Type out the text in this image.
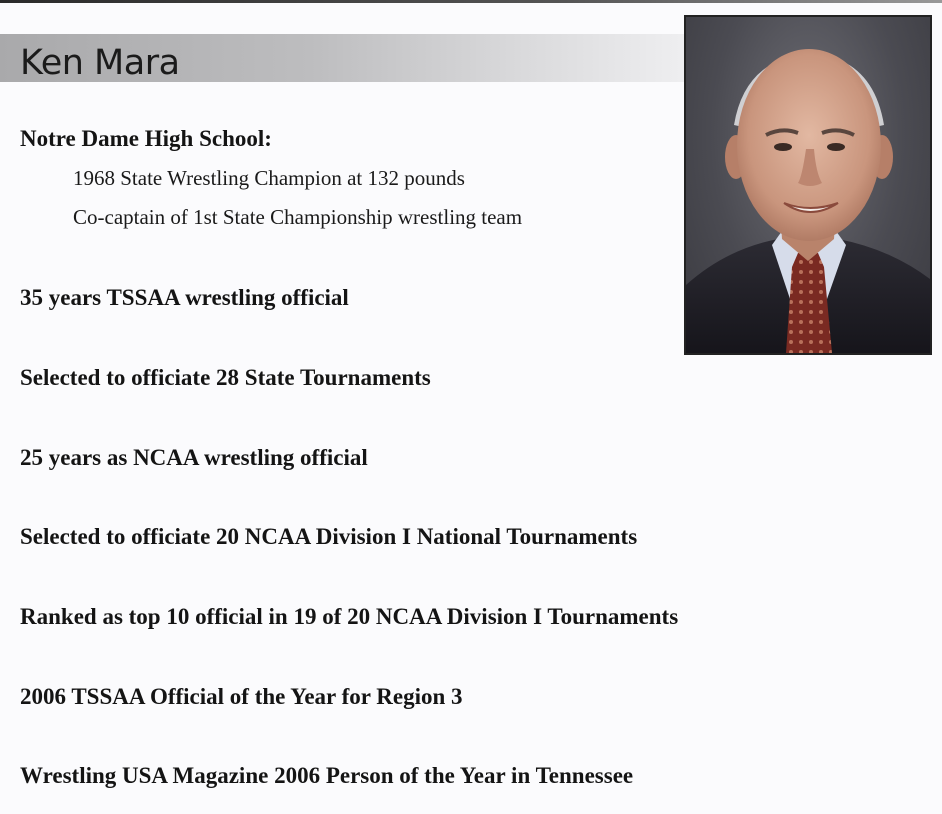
Ken Mara

Notre Dame High School:

1968 State Wrestling Champion at 132 pounds

Co-captain of 1st State Championship wrestling team

35 years TSSAA wrestling official

Selected to officiate 28 State Tournaments

25 years as NCAA wrestling official

Selected to officiate 20 NCAA Division I National Tournaments

Ranked as top 10 official in 19 of 20 NCAA Division I Tournaments

2006 TSSAA Official of the Year for Region 3

Wrestling USA Magazine 2006 Person of the Year in Tennessee
